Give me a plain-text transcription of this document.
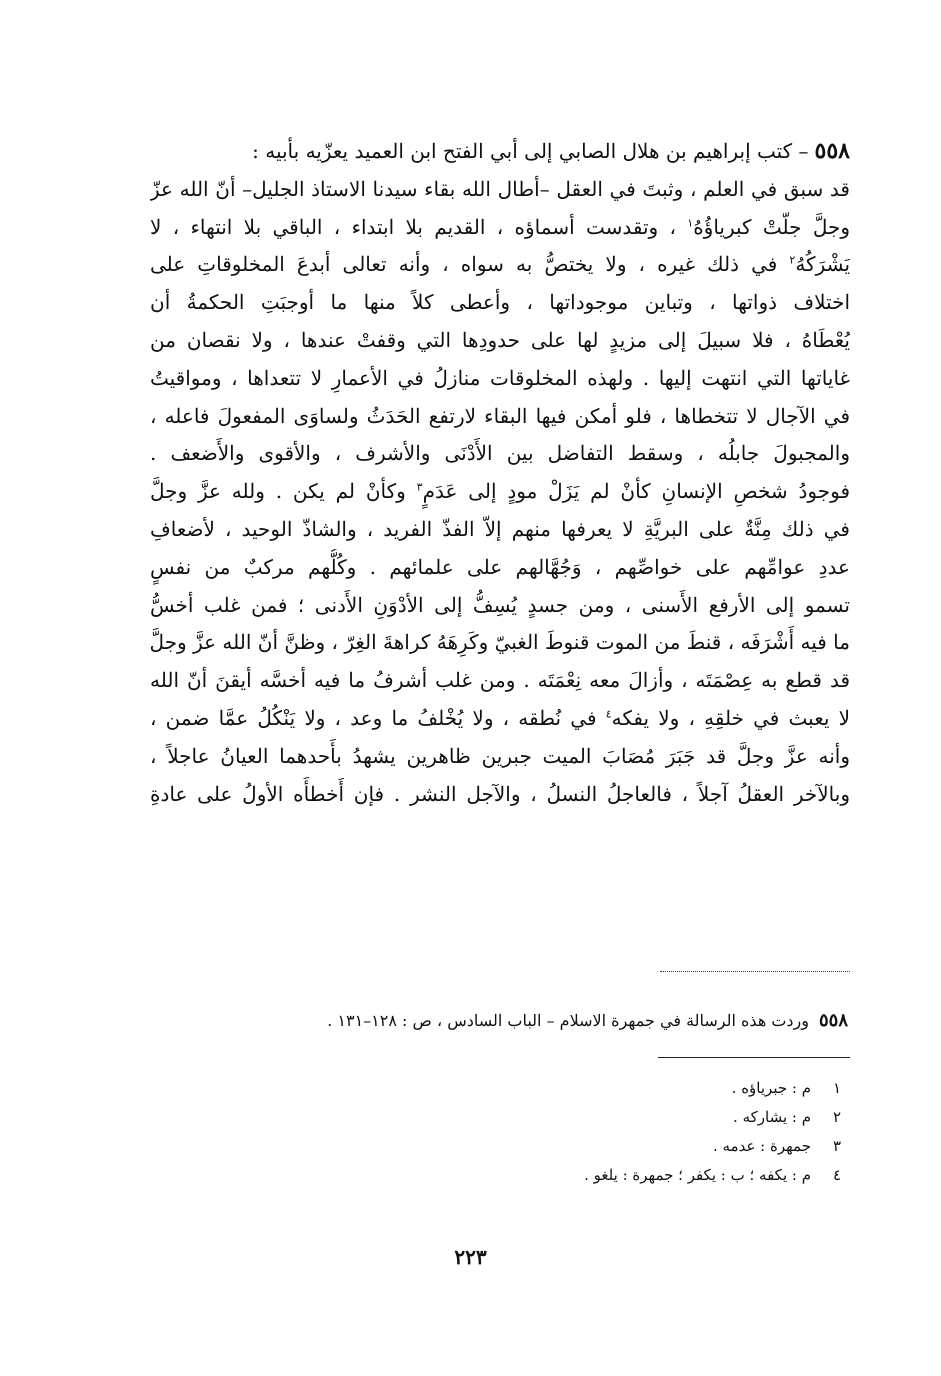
٥٥٨– كتب إبراهيم بن هلال الصابي إلى أبي الفتح ابن العميد يعزّيه بأبيه :
قد سبق في العلم ، وثبتَ في العقل –أطال الله بقاء سيدنا الاستاذ الجليل– أنّ الله عزّ
وجلَّ جلّتْ كبرياؤُهُ$^١$ ، وتقدست أسماؤه ، القديم بلا ابتداء ، الباقي بلا انتهاء ، لا
يَشْرَكُهُ$^٢$ في ذلك غيره ، ولا يختصُّ به سواه ، وأنه تعالى أبدعَ المخلوقاتِ على
اختلاف ذواتها ، وتباين موجوداتها ، وأعطى كلاً منها ما أوجبَتِ الحكمةُ أن
يُعْطَاهُ ، فلا سبيلَ إلى مزيدٍ لها على حدودِها التي وقفتْ عندها ، ولا نقصان من
غاياتها التي انتهت إليها . ولهذه المخلوقات منازلُ في الأعمارِ لا تتعداها ، ومواقيتُ
في الآجال لا تتخطاها ، فلو أمكن فيها البقاء لارتفع الحَدَثُ ولساوَى المفعولَ فاعله ،
والمجبولَ جابلُه ، وسقط التفاضل بين الأَدْنَى والأشرف ، والأقوى والأَضعف .
فوجودُ شخصِ الإنسانِ كأنْ لم يَزَلْ مودٍ إلى عَدَمٍ$^٣$ وكأنْ لم يكن . ولله عزَّ وجلَّ
في ذلك مِنَّةٌ على البريَّةِ لا يعرفها منهم إلاّ الفذّ الفريد ، والشاذّ الوحيد ، لأضعافِ
عددِ عوامِّهم على خواصِّهم ، وَجُهَّالهم على علمائهم . وكُلُّهم مركبٌ من نفسٍ
تسمو إلى الأرفع الأَسنى ، ومن جسدٍ يُسِفُّ إلى الأدْوَنِ الأَدنى ؛ فمن غلب أخسُّ
ما فيه أَشْرَفَه ، قنطَ من الموت قنوطَ الغبيّ وكَرِهَهُ كراهةَ الغِرّ ، وظنَّ أنّ الله عزَّ وجلَّ
قد قطع به عِصْمَتَه ، وأزالَ معه نِعْمَتَه . ومن غلب أشرفُ ما فيه أخسَّه أيقنَ أنّ الله
لا يعبث في خلقِهِ ، ولا يفكه$^٤$ في نُطقه ، ولا يُخْلفُ ما وعد ، ولا يَنْكُلُ عمَّا ضمن ،
وأنه عزَّ وجلَّ قد جَبَرَ مُصَابَ الميت جبرين ظاهرين يشهدُ بأَحدهما العيانُ عاجلاً ،
وبالآخر العقلُ آجلاً ، فالعاجلُ النسلُ ، والآجل النشر . فإن أَخطأَه الأولُ على عادةِ
٥٥٨وردت هذه الرسالة في جمهرة الاسلام – الباب السادس ، ص : ١٢٨–١٣١ .
١م : جبرياؤه .
٢م : يشاركه .
٣جمهرة : عدمه .
٤م : يكفه ؛ ب : يكفر ؛ جمهرة : يلغو .
٢٢٣
